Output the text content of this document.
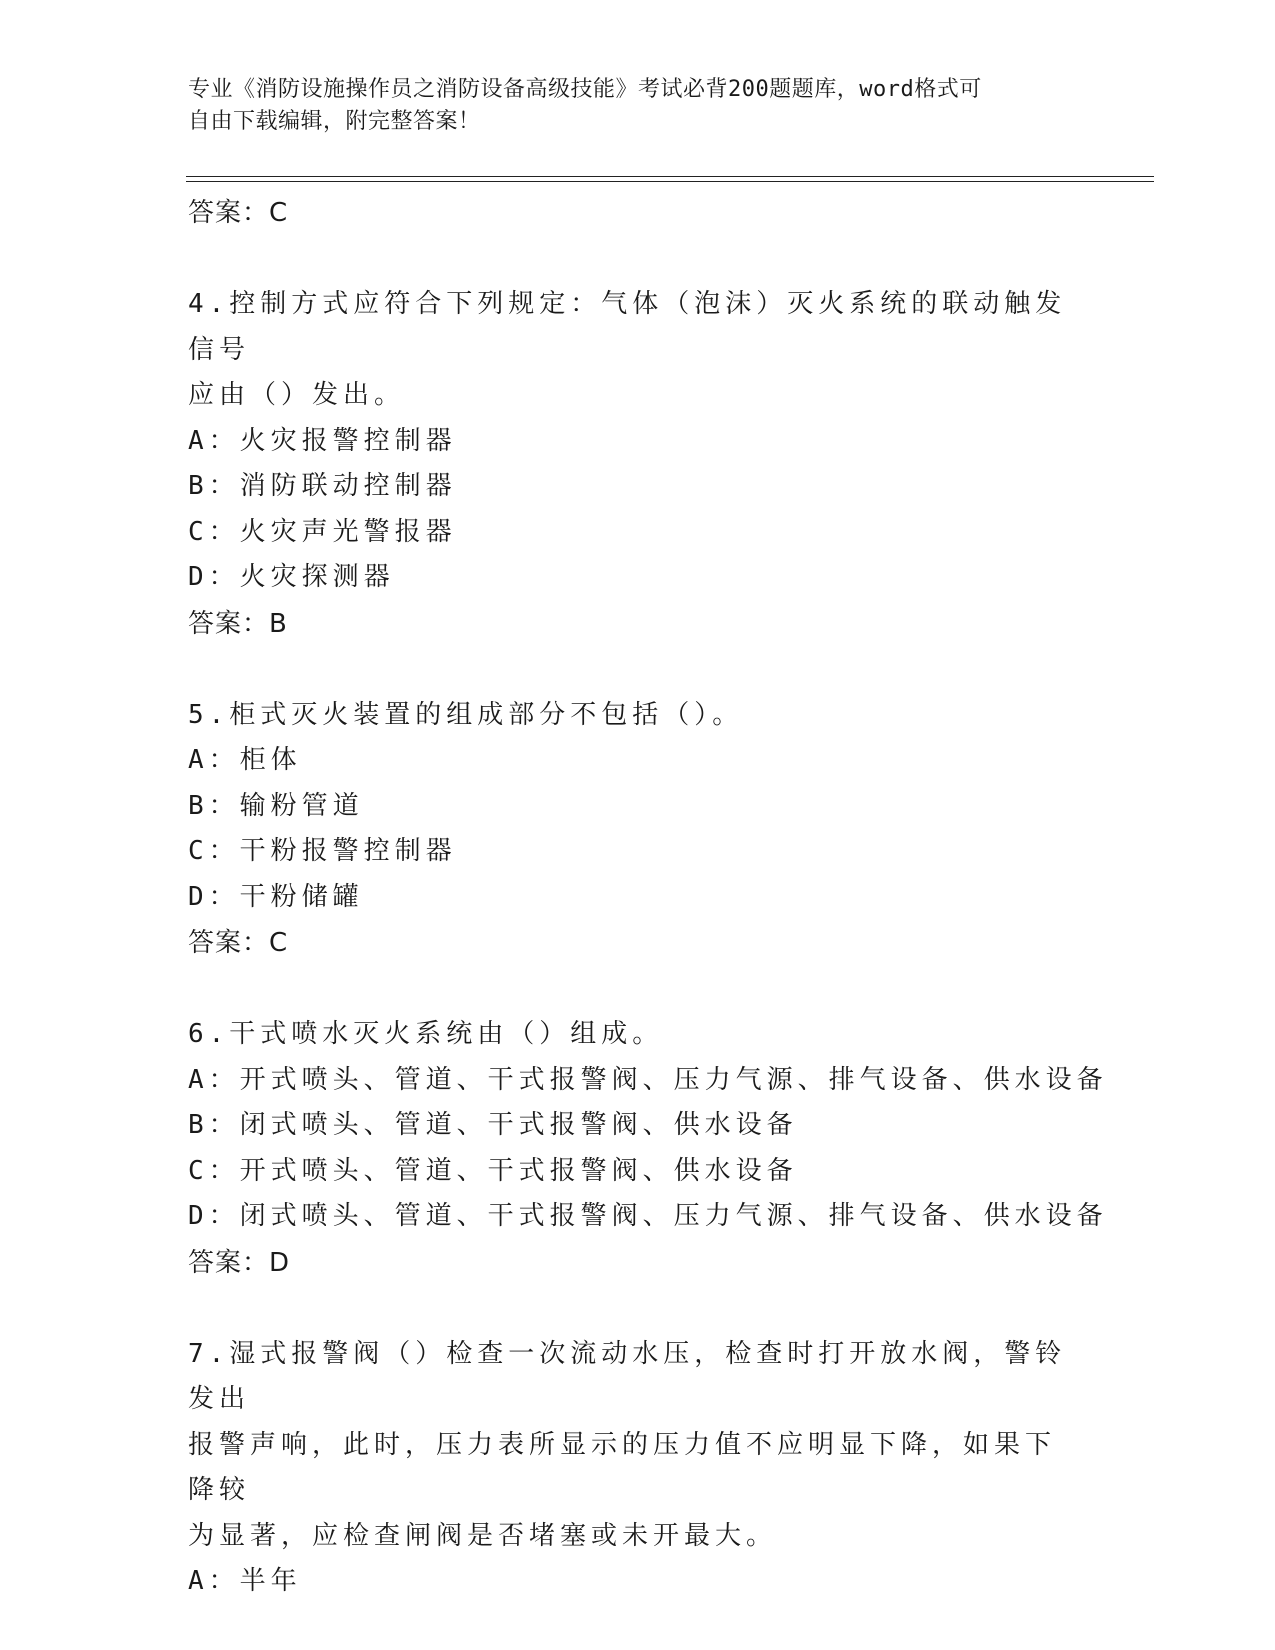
专业《消防设施操作员之消防设备高级技能》考试必背200题题库，word格式可
自由下载编辑，附完整答案！
答案：C
4.控制方式应符合下列规定：气体（泡沫）灭火系统的联动触发信号
应由（）发出。
A：火灾报警控制器
B：消防联动控制器
C：火灾声光警报器
D：火灾探测器
答案：B
5.柜式灭火装置的组成部分不包括（）。
A：柜体
B：输粉管道
C：干粉报警控制器
D：干粉储罐
答案：C
6.干式喷水灭火系统由（）组成。
A：开式喷头、管道、干式报警阀、压力气源、排气设备、供水设备
B：闭式喷头、管道、干式报警阀、供水设备
C：开式喷头、管道、干式报警阀、供水设备
D：闭式喷头、管道、干式报警阀、压力气源、排气设备、供水设备
答案：D
7.湿式报警阀（）检查一次流动水压，检查时打开放水阀，警铃发出
报警声响，此时，压力表所显示的压力值不应明显下降，如果下降较
为显著，应检查闸阀是否堵塞或未开最大。
A：半年
